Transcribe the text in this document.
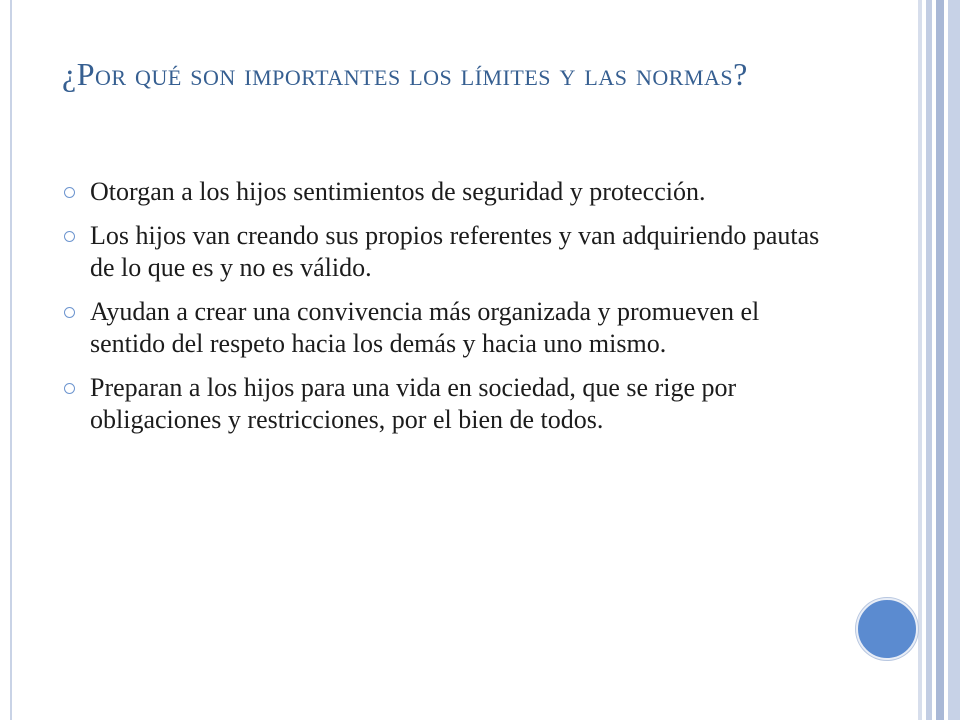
¿Por qué son importantes los límites y las normas?
Otorgan a los hijos sentimientos de seguridad y protección.
Los hijos van creando sus propios referentes y van adquiriendo pautas de lo que es y no es válido.
Ayudan a crear una convivencia más organizada y promueven el sentido del respeto hacia los demás y hacia uno mismo.
Preparan a los hijos para una vida en sociedad, que se rige por obligaciones y restricciones, por el bien de todos.
